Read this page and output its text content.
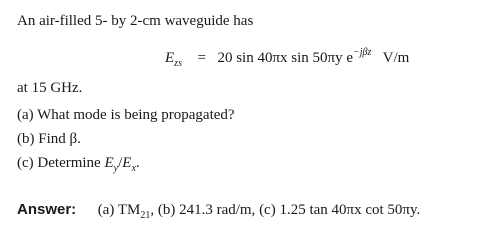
An air-filled 5- by 2-cm waveguide has
$E_{zs} = 20$ sin 40πx sin 50πy $e^{-j\beta z}$ V/m
at 15 GHz.
(a) What mode is being propagated?
(b) Find β.
(c) Determine $E_y/E_x$.
Answer: (a) $TM_{21}$, (b) 241.3 rad/m, (c) 1.25 tan 40πx cot 50πy.
